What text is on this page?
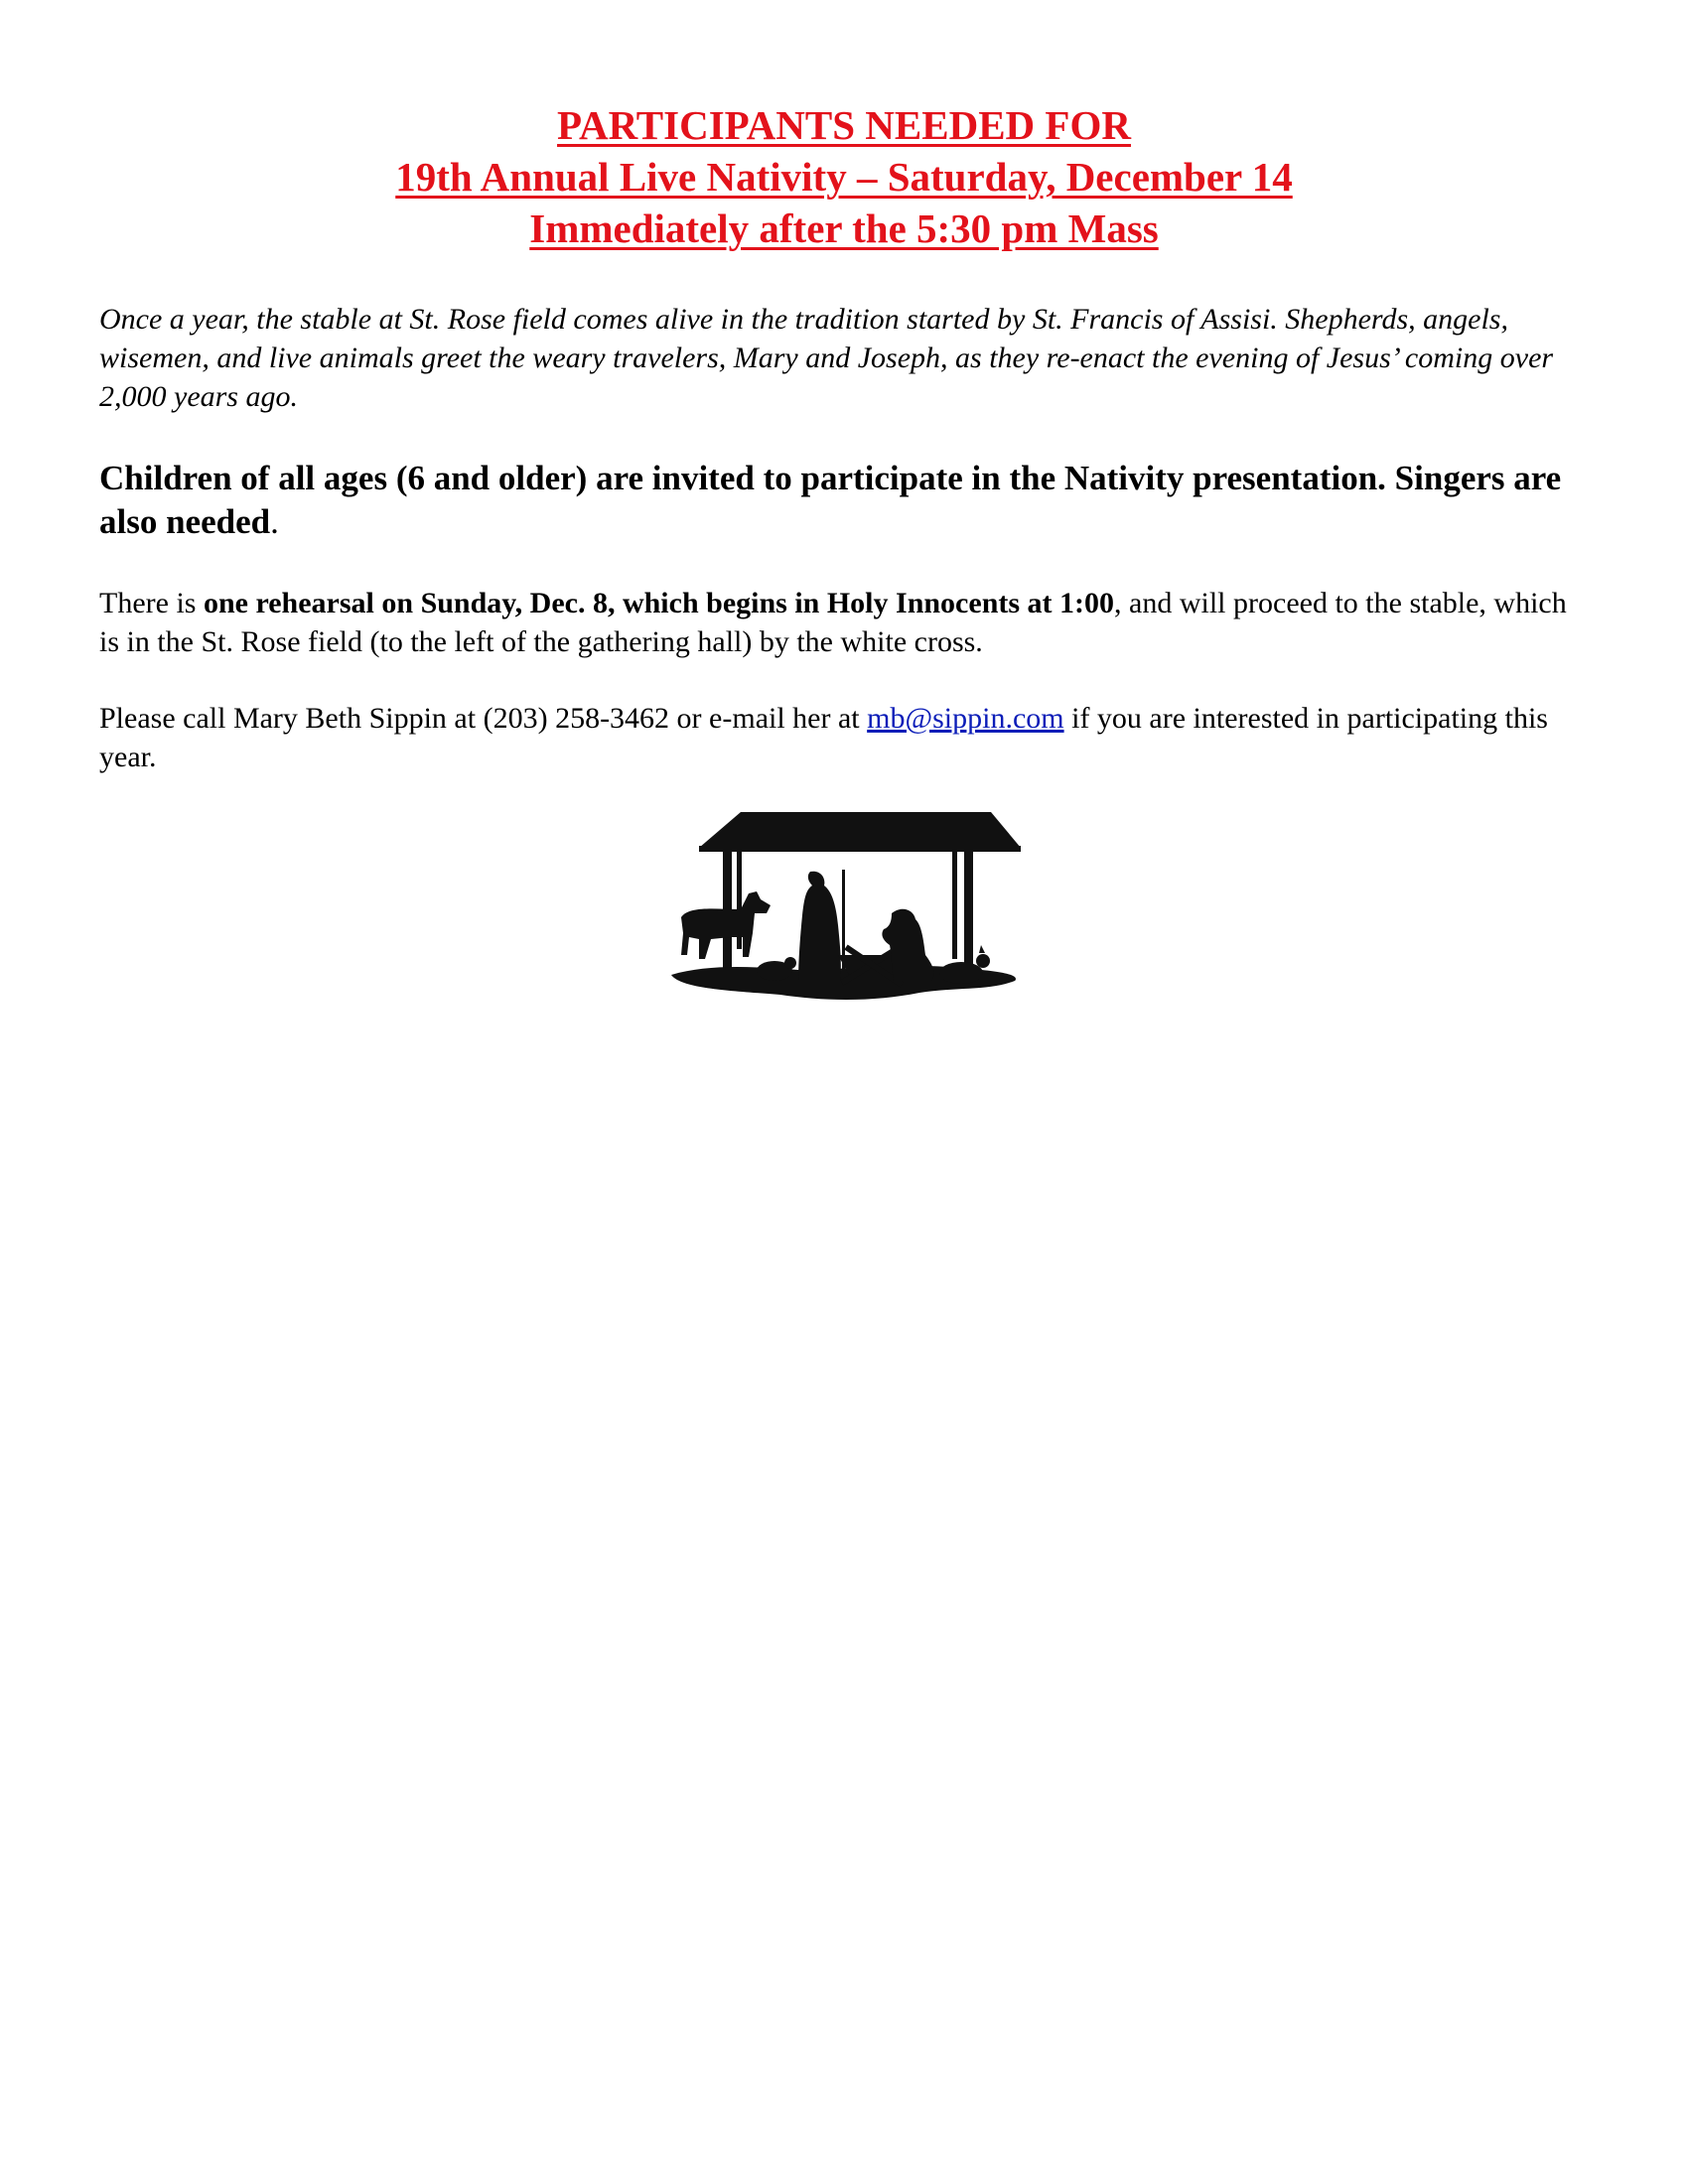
PARTICIPANTS NEEDED FOR
19th Annual Live Nativity – Saturday, December 14
Immediately after the 5:30 pm Mass
Once a year, the stable at St. Rose field comes alive in the tradition started by St. Francis of Assisi. Shepherds, angels, wisemen, and live animals greet the weary travelers, Mary and Joseph, as they re-enact the evening of Jesus’ coming over 2,000 years ago.
Children of all ages (6 and older) are invited to participate in the Nativity presentation. Singers are also needed.
There is one rehearsal on Sunday, Dec. 8, which begins in Holy Innocents at 1:00, and will proceed to the stable, which is in the St. Rose field (to the left of the gathering hall) by the white cross.
Please call Mary Beth Sippin at (203) 258-3462 or e-mail her at mb@sippin.com if you are interested in participating this year.
